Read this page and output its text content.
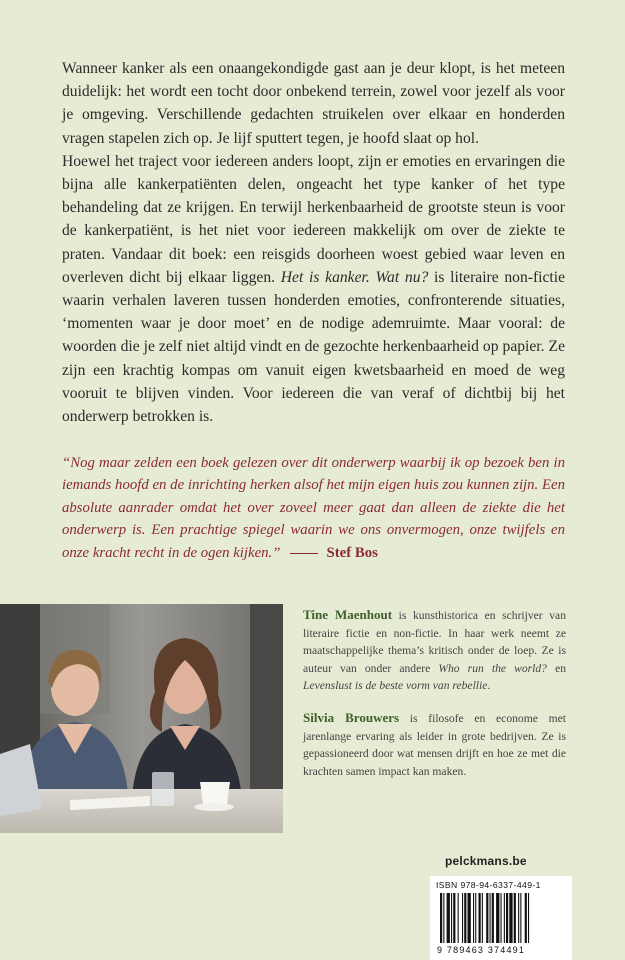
Wanneer kanker als een onaangekondigde gast aan je deur klopt, is het meteen duidelijk: het wordt een tocht door onbekend terrein, zowel voor jezelf als voor je omgeving. Verschillende gedachten struikelen over elkaar en honderden vragen stapelen zich op. Je lijf sputtert tegen, je hoofd slaat op hol.

Hoewel het traject voor iedereen anders loopt, zijn er emoties en ervaringen die bijna alle kankerpatiënten delen, ongeacht het type kanker of het type behandeling dat ze krijgen. En terwijl herkenbaarheid de grootste steun is voor de kankerpatiënt, is het niet voor iedereen makkelijk om over de ziekte te praten. Vandaar dit boek: een reisgids doorheen woest gebied waar leven en overleven dicht bij elkaar liggen. Het is kanker. Wat nu? is literaire non-fictie waarin verhalen laveren tussen honderden emoties, confronterende situaties, ‘momenten waar je door moet’ en de nodige ademruimte. Maar vooral: de woorden die je zelf niet altijd vindt en de gezochte herkenbaarheid op papier. Ze zijn een krachtig kompas om vanuit eigen kwetsbaarheid en moed de weg vooruit te blijven vinden. Voor iedereen die van veraf of dichtbij bij het onderwerp betrokken is.

“Nog maar zelden een boek gelezen over dit onderwerp waarbij ik op bezoek ben in iemands hoofd en de inrichting herken alsof het mijn eigen huis zou kunnen zijn. Een absolute aanrader omdat het over zoveel meer gaat dan alleen de ziekte die het onderwerp is. Een prachtige spiegel waarin we ons onvermogen, onze twijfels en onze kracht recht in de ogen kijken.”	Stef Bos

Tine Maenhout is kunsthistorica en schrijver van literaire fictie en non-fictie. In haar werk neemt ze maatschappelijke thema’s kritisch onder de loep. Ze is auteur van onder andere Who run the world? en Levenslust is de beste vorm van rebellie.

Silvia Brouwers is filosofe en econome met jarenlange ervaring als leider in grote bedrijven. Ze is gepassioneerd door wat mensen drijft en hoe ze met die krachten samen impact kan maken.

pelckmans.be
ISBN 978-94-6337-449-1
9 789463 374491
